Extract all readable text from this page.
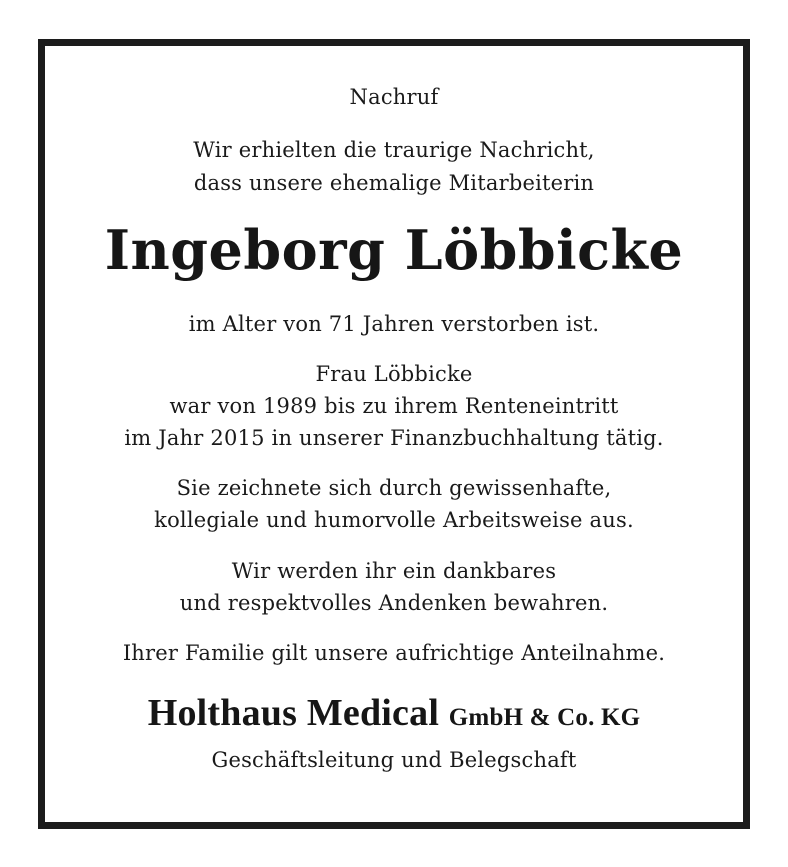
Nachruf
Wir erhielten die traurige Nachricht,
dass unsere ehemalige Mitarbeiterin
Ingeborg Löbbicke
im Alter von 71 Jahren verstorben ist.
Frau Löbbicke
war von 1989 bis zu ihrem Renteneintritt
im Jahr 2015 in unserer Finanzbuchhaltung tätig.
Sie zeichnete sich durch gewissenhafte,
kollegiale und humorvolle Arbeitsweise aus.
Wir werden ihr ein dankbares
und respektvolles Andenken bewahren.
Ihrer Familie gilt unsere aufrichtige Anteilnahme.
Holthaus Medical GmbH & Co. KG
Geschäftsleitung und Belegschaft
